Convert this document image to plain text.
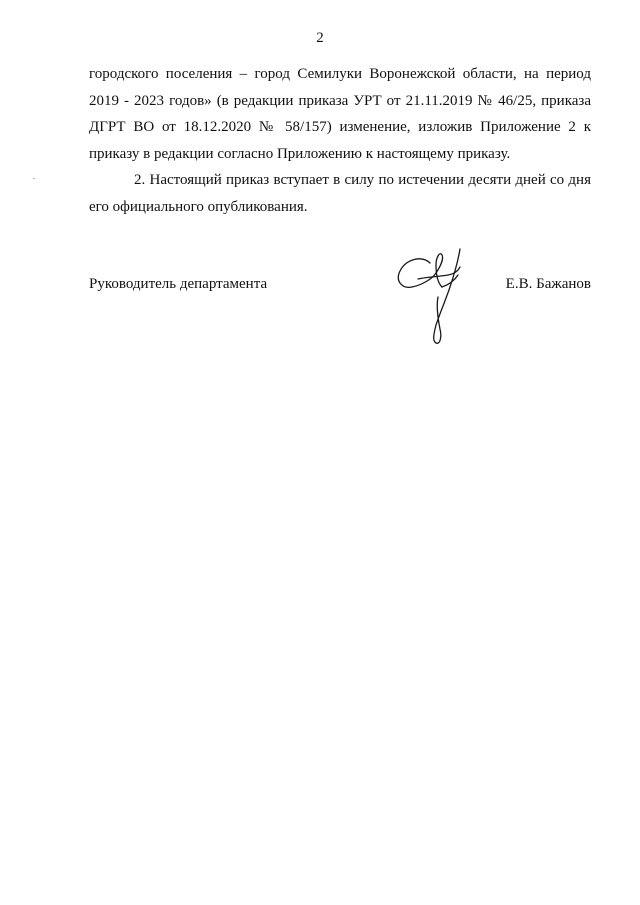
2
городского поселения – город Семилуки Воронежской области, на период
2019 - 2023 годов» (в редакции приказа УРТ от 21.11.2019 № 46/25, приказа
ДГРТ ВО от 18.12.2020 № 58/157) изменение, изложив Приложение 2 к
приказу в редакции согласно Приложению к настоящему приказу.
2. Настоящий приказ вступает в силу по истечении десяти дней со дня
его официального опубликования.
Руководитель департамента	Е.В. Бажанов
